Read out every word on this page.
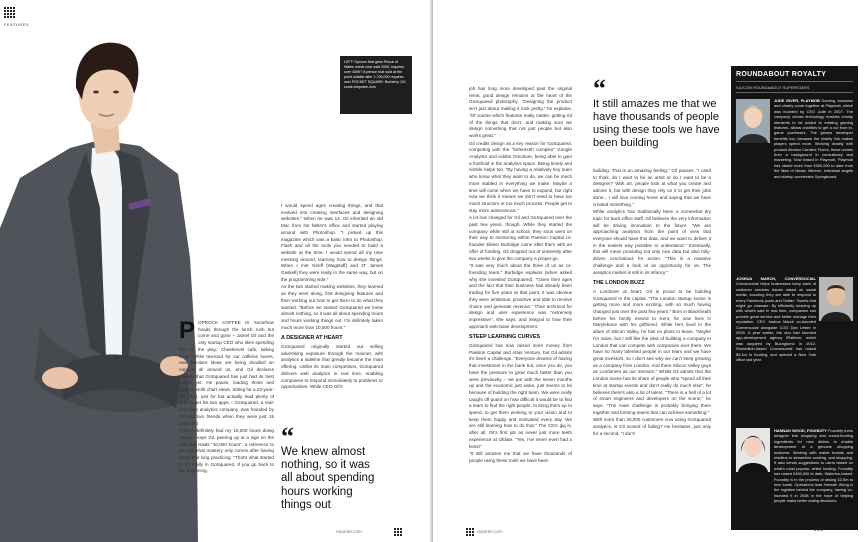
FEATURES
LEFT: Sporcer that grew Prince of Wales check near said 2009, requires over 400K? A person that sold at the point outside after 1,700,000 requires over POCKET SQUARE: Burberry. OX, conte-empotee.com
P OPROCK COFFEE IS 'somehow heads through the lunch rush but come and gone – Jamel Gil and the only startup CEO who likes spending time in the play,' Cheekervel cafe, talking shop. While tea-loud for our caffeine lovers, new furniture ideas are being doodled on napkins all around us, and Gil declares proudly that GoSquared has just had its best month yet. He pause, loading those and graphic profit chart views. Sitting for a 22-year-old CEO, just for but actually lead plenty of time to get his two apps – GoSquared, a real-time web analytics company, was founded by Gil and two friends when they were just 15 years old.

"I have definitely had my 10,000 hours doing design," says Gil, peering up at a sign on the wall that reads "10,000 hours", a reference to the idea that mastery only comes after having spent that long practicing. "That's what started to do really in GoSquared. If you go back to the beginning,

I would spend ages creating things, and that evolved into creating interfaces and designing websites." When he was 14, Gil inherited an old Mac from his father's office and started playing around with Photoshop. "I picked up this magazine which was a basic intro to Photoshop, Flash and all the tools you needed to build a website at the time. I would spend all my time messing around, learning how to design things. When I met Geoff [Wagstaff] and JT James Gaskell] they were really in the same way, but on the programming side."

As the two started making websites, they learned as they went along, first designing features and then working out how to get them to do what they wanted. "Before we started GoSquared we knew almost nothing, so it was all about spending hours and hours working things out. I'm definitely taken much more than 10,000 hours."

A DESIGNER AT HEART

GoSquared originally started out selling advertising exposure through the manner, with analytics a sideline that greatly became the main offering. Unlike its main competitors, GoSquared delivers web analytics in real time, enabling companies to respond immediately to problems or opportunities. While CEO Gil's

“
We knew almost nothing, so it was all about spending hours working things out
reporter.com

job has long more developed past the original remit, good design remains at the heart of the GoSquared philosophy. "Designing the product isn't just about making it look pretty," he explains. "Of course which features really matter, getting rid of the things that don't, and making sure we design something that not just people but also works great."

Gil credits design as a key reason for GoSquared, competing with the "behemoth complex" Google Analytics and Adobe Omniture, being able to gain a foothold in the analytics space. Being timely and nimble helps too. "By having a relatively tiny team who know what they want to do, we can be much more stabled in everything we make. Maybe a time will come when we have to expand, but right now we think it means we don't need to have too much structure or too much process. People get to stay more autonomous."

A lot has changed for Gil and GoSquared over the past few years, though. While they started the company while still at school, they soon went on their way to mentoring within Passion Capital co-founder Eileen Burbidge came after them with an offer of funding. Gil dropped out of university after two weeks to give the company a proper go.

"It was very much about the three of us as co-founding team," Burbidge explains (when asked why she invested GoSquared). "Given their ages and the fact that their business had already been trading for five years at that point, it was obvious they were ambitious, proactive and able to receive choice and generate revenue." Their technical for design and user experience was "extremely impressive", she says, and integral to how their approach web-base development.

STEEP LEARNING CURVES

GoSquared has now raised more money from Passion Capital and Atlas Venture, but Gil admits it's been a challenge. "Everyone dreams of having that investment in the bank but, once you do, you have the pressure to grow much faster than you were previously – we put with the seven months up and the economic just woke, just seems to be because of building the right team. We were really caught off guard on how difficult it would be to find a team to find the right people, to bring them up to speed, to get them working to your vision and to keep them happy and motivated every day. We are still learning how to do that." The CEO gig is, after all, Gil's first job as never just more teeth experience at Ofdate. "Yes, I've never even had a boss!"

"It still amazes me that we have thousands of people using these tools we have been

“
It still amazes me that we have thousands of people using these tools we have been building

building. That is an amazing feeling," Gil pauses. "I used to think, do I want to be an artist or do I want to be a designer? With art, people look at what you create and admire it, but with design they rely on it to get their jobs done... I will love coming home and saying that we have created something."

While analytics has traditionally been a somewhat dry topic for back-office staff, Gil believes the very information will be driving innovation to the future. "We are approaching analytics from the point of view that everyone should have this data, and we want to deliver it in the easiest way possible to understand." Eventually, this will mean providing not only nice data but also fully-driven conclusions for action. "This is a massive challenge and a look at an opportunity for us. The analytics market is still in its infancy."

THE LONDON BUZZ

A Londoner at heart, Gil is proud to be building GoSquared in the capital. "The London startup scene is getting more and more exciting, with so much having changed just over the past few years." Born in Blackheath before his family moved to Kent, he now lives in Marylebone with his girlfriend. While he's lived in the allure of Silicon Valley, he has no plans to leave. "Maybe I'm naive, but I still like the idea of building a company in London that can compete with companies over there. We have so many talented people in our team and we have great investors, so I don't see why we can't keep growing as a company from London. And there Silicon Valley guys as Londoners as our mentors." Whilst Gil admits that the London scene has its share of people who "spend all their time at startup events and don't really do much else", he believes there's also a lot of talent. "There is a hell of a lot of smart engineers and developers on the scene," he says. "The main challenge is probably bringing them together and forming teams that can achieve something."

With more than 30,000 customers now using GoSquared analytics, is Gil scared of failing? He hesitates, just only for a second. "I don't

reporter.com
ROUNDABOUT ROYALTY
SILICON ROUNDABOUT SUPERSTARS
JUDE GIVER, PLAYMOB Gaming, business and charity come together at Playmob, which was founded by CEO Jude in 2007. The company, whose technology enables charity elements to be added to existing gaming features, allows charities to get a cut from in-game purchases. The games developer benefits too, because the charity link makes players spend more. Working closely with product director Caroline Flores, these comes from a background in consultancy and marketing. Now based in Playmob, Playmob has raised more than £500,000 to date from the likes of Nesta, Mitreen, individual angels and startup accelerator Springboard.
JOSHUA MARCH, CONVERSOCIAL Conversocial helps businesses keep track of customer services issues raised on social media, ensuring they are able to respond to every Facebook posts and Twitter. Tweets that might go unaware. By efficiently keeping up with what's said in real time, companies can provide great service and better manage their reputation. CEO Joshua March co-founded Conversocial alongside COO Dan Lester in 2009. A year earlier, the duo had founded app-development agency iPlatform, which was acquired by Buongiorno in 2012. Shoreditch-based Conversocial has raised $3.4m in funding, and opened a New York office last year.
HANNAH WOOD, FOUNDITY Foundity turns designer into shopping and crowd-funding ingredients for new dishes to enable development of a genuine shopping business. Working with maker brands and retailers to streamline cooking, and shopping. It also sends suggestions to users based on what's most popular, whilst funding. Foundity has raised £450,000 to date, Waterloo-based. Foundity is in the process of raising £2.5m to new funds. Operations lead Hannah Wong is the logistics behind the company, having co-founded it in 2008 in the hope of helping people make better eating decisions.
●●●
